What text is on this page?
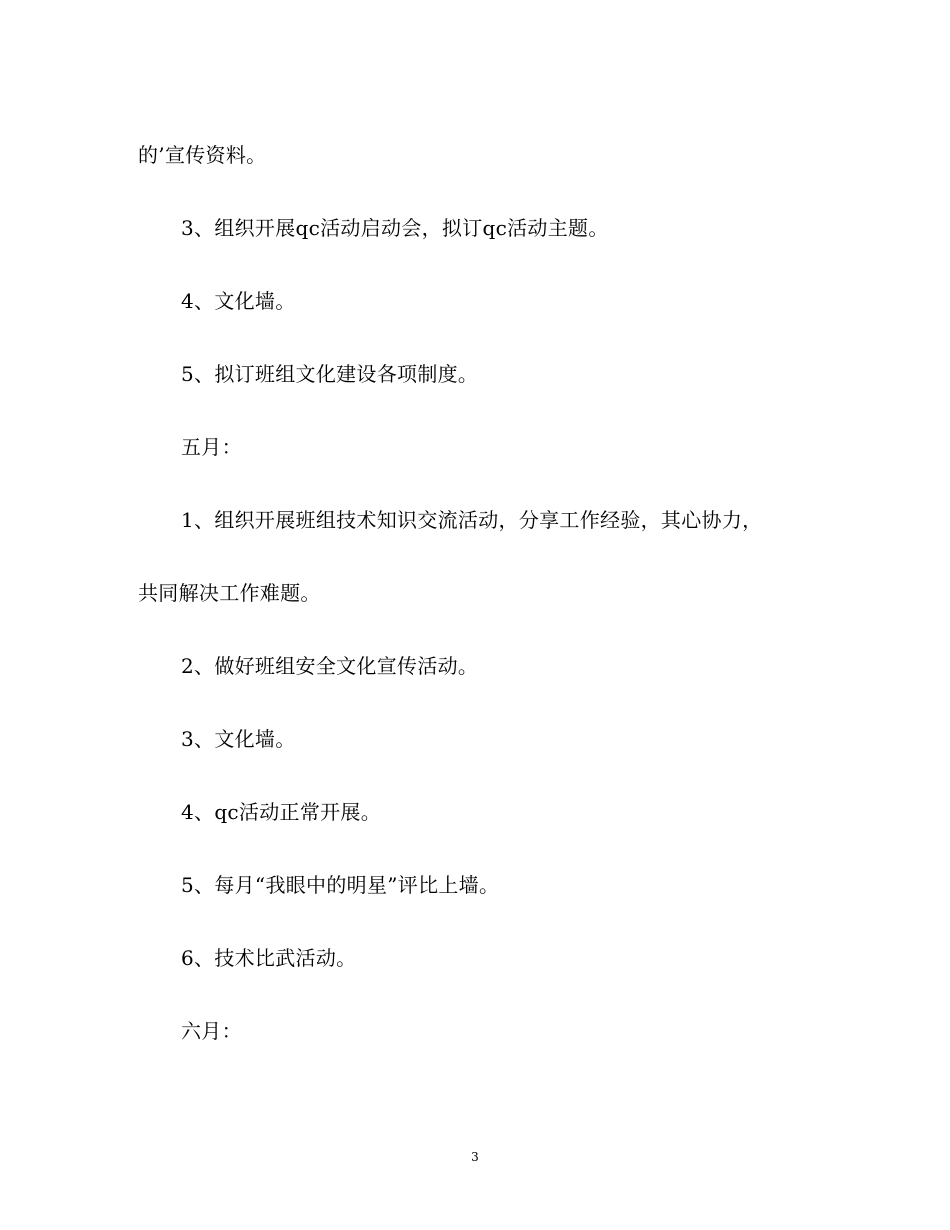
的’宣传资料。
3、组织开展qc活动启动会，拟订qc活动主题。
4、文化墙。
5、拟订班组文化建设各项制度。
五月：
1、组织开展班组技术知识交流活动，分享工作经验，其心协力，
共同解决工作难题。
2、做好班组安全文化宣传活动。
3、文化墙。
4、qc活动正常开展。
5、每月“我眼中的明星”评比上墙。
6、技术比武活动。
六月：
3
